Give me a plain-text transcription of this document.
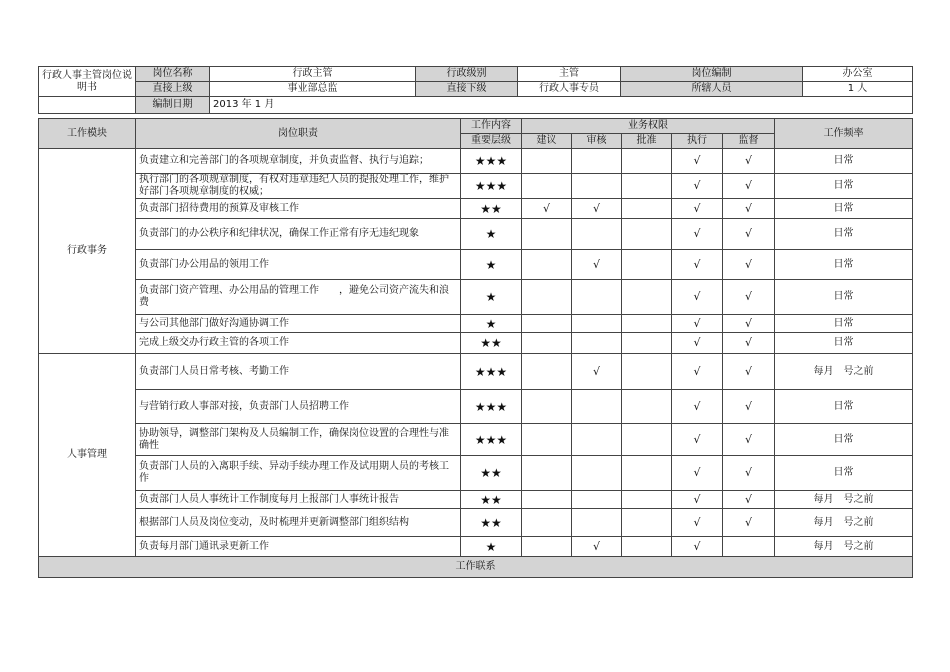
行政人事主管岗位说明书	岗位名称	行政主管	行政级别	主管	岗位编制	办公室
	直接上级	事业部总监	直接下级	行政人事专员	所辖人员	1 人
	编制日期	2013 年 1 月				
工作模块	岗位职责	工作内容	业务权限					工作频率
		重要层级	建议	审核	批准	执行	监督	
行政事务	负责建立和完善部门的各项规章制度，并负责监督、执行与追踪；	★★★				√	√	日常
	执行部门的各项规章制度，有权对违章违纪人员的提报处理工作，维护好部门各项规章制度的权威；	★★★				√	√	日常
	负责部门招待费用的预算及审核工作	★★	√	√		√	√	日常
	负责部门的办公秩序和纪律状况，确保工作正常有序无违纪现象	★				√	√	日常
	负责部门办公用品的领用工作	★		√		√	√	日常
	负责部门资产管理、办公用品的管理工作　　，避免公司资产流失和浪费	★				√	√	日常
	与公司其他部门做好沟通协调工作	★				√	√	日常
	完成上级交办行政主管的各项工作	★★				√	√	日常
人事管理	负责部门人员日常考核、考勤工作	★★★		√		√	√	每月　号之前
	与营销行政人事部对接，负责部门人员招聘工作	★★★				√	√	日常
	协助领导，调整部门架构及人员编制工作，确保岗位设置的合理性与准确性	★★★				√	√	日常
	负责部门人员的入离职手续、异动手续办理工作及试用期人员的考核工作	★★				√	√	日常
	负责部门人员人事统计工作制度每月上报部门人事统计报告	★★				√	√	每月　号之前
	根据部门人员及岗位变动，及时梳理并更新调整部门组织结构	★★				√	√	每月　号之前
	负责每月部门通讯录更新工作	★		√		√		每月　号之前
工作联系								
